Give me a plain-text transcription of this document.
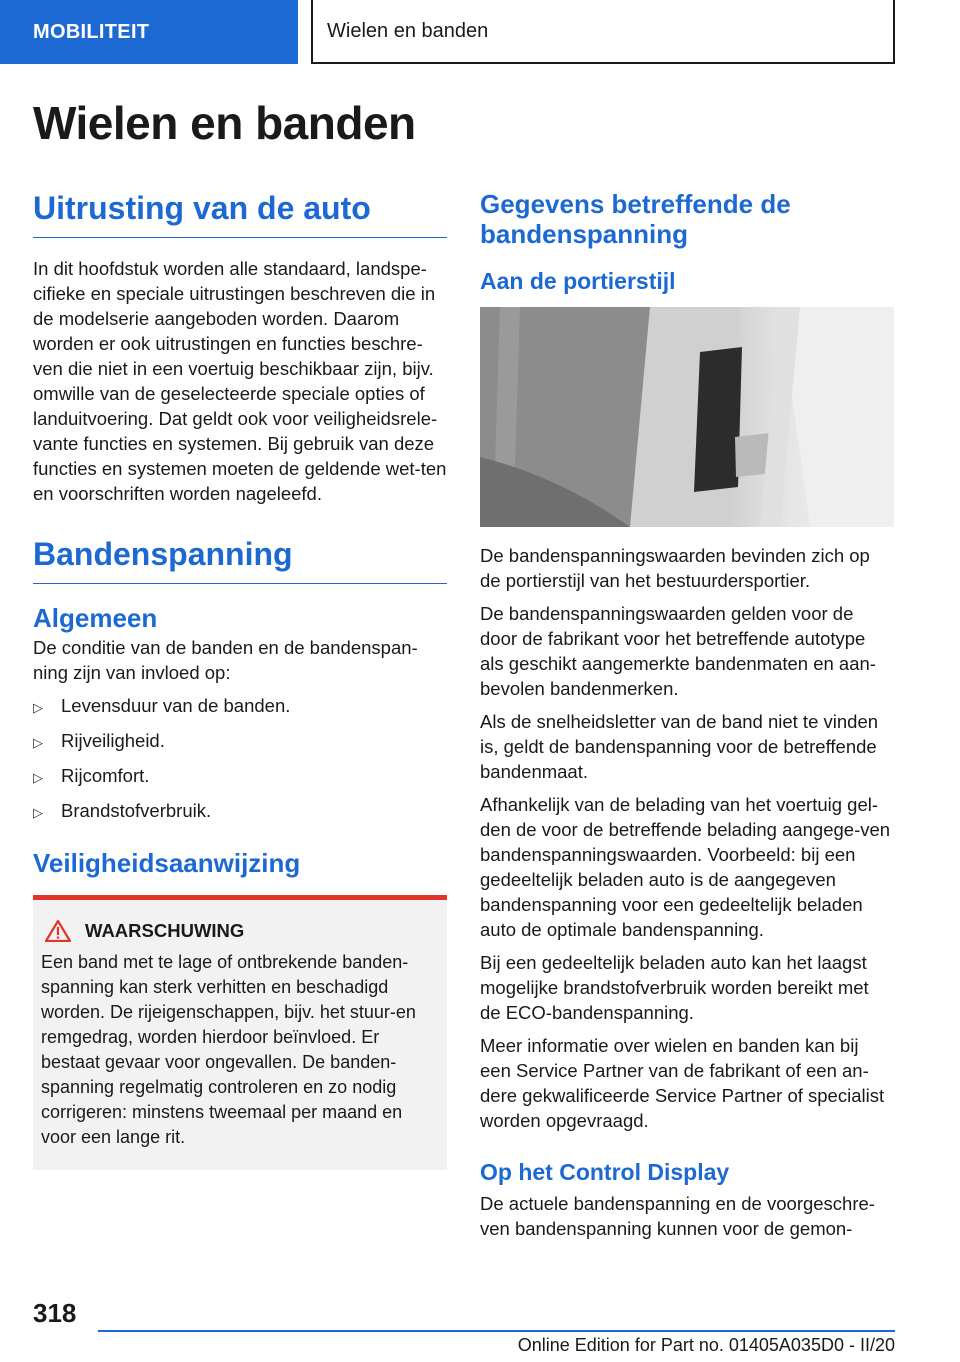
MOBILITEIT	Wielen en banden
Wielen en banden
Uitrusting van de auto

In dit hoofdstuk worden alle standaard, landspe-cifieke en speciale uitrustingen beschreven die in de modelserie aangeboden worden. Daarom worden er ook uitrustingen en functies beschre-ven die niet in een voertuig beschikbaar zijn, bijv. omwille van de geselecteerde speciale opties of landuitvoering. Dat geldt ook voor veiligheidsrele-vante functies en systemen. Bij gebruik van deze functies en systemen moeten de geldende wet-ten en voorschriften worden nageleefd.

Bandenspanning
Algemeen

De conditie van de banden en de bandenspan-ning zijn van invloed op:

▷ Levensduur van de banden.
▷ Rijveiligheid.
▷ Rijcomfort.
▷ Brandstofverbruik.
Veiligheidsaanwijzing
WAARSCHUWING

Een band met te lage of ontbrekende banden-spanning kan sterk verhitten en beschadigd worden. De rijeigenschappen, bijv. het stuur-en remgedrag, worden hierdoor beïnvloed. Er bestaat gevaar voor ongevallen. De banden-spanning regelmatig controleren en zo nodig corrigeren: minstens tweemaal per maand en voor een lange rit.

Gegevens betreffende de bandenspanning
Aan de portierstijl

De bandenspanningswaarden bevinden zich op de portierstijl van het bestuurdersportier.

De bandenspanningswaarden gelden voor de door de fabrikant voor het betreffende autotype als geschikt aangemerkte bandenmaten en aan-bevolen bandenmerken.

Als de snelheidsletter van de band niet te vinden is, geldt de bandenspanning voor de betreffende bandenmaat.

Afhankelijk van de belading van het voertuig gel-den de voor de betreffende belading aangege-ven bandenspanningswaarden. Voorbeeld: bij een gedeeltelijk beladen auto is de aangegeven bandenspanning voor een gedeeltelijk beladen auto de optimale bandenspanning.

Bij een gedeeltelijk beladen auto kan het laagst mogelijke brandstofverbruik worden bereikt met de ECO-bandenspanning.

Meer informatie over wielen en banden kan bij een Service Partner van de fabrikant of een an-dere gekwalificeerde Service Partner of specialist worden opgevraagd.

Op het Control Display

De actuele bandenspanning en de voorgeschre-ven bandenspanning kunnen voor de gemon-

318
Online Edition for Part no. 01405A035D0 - II/20
